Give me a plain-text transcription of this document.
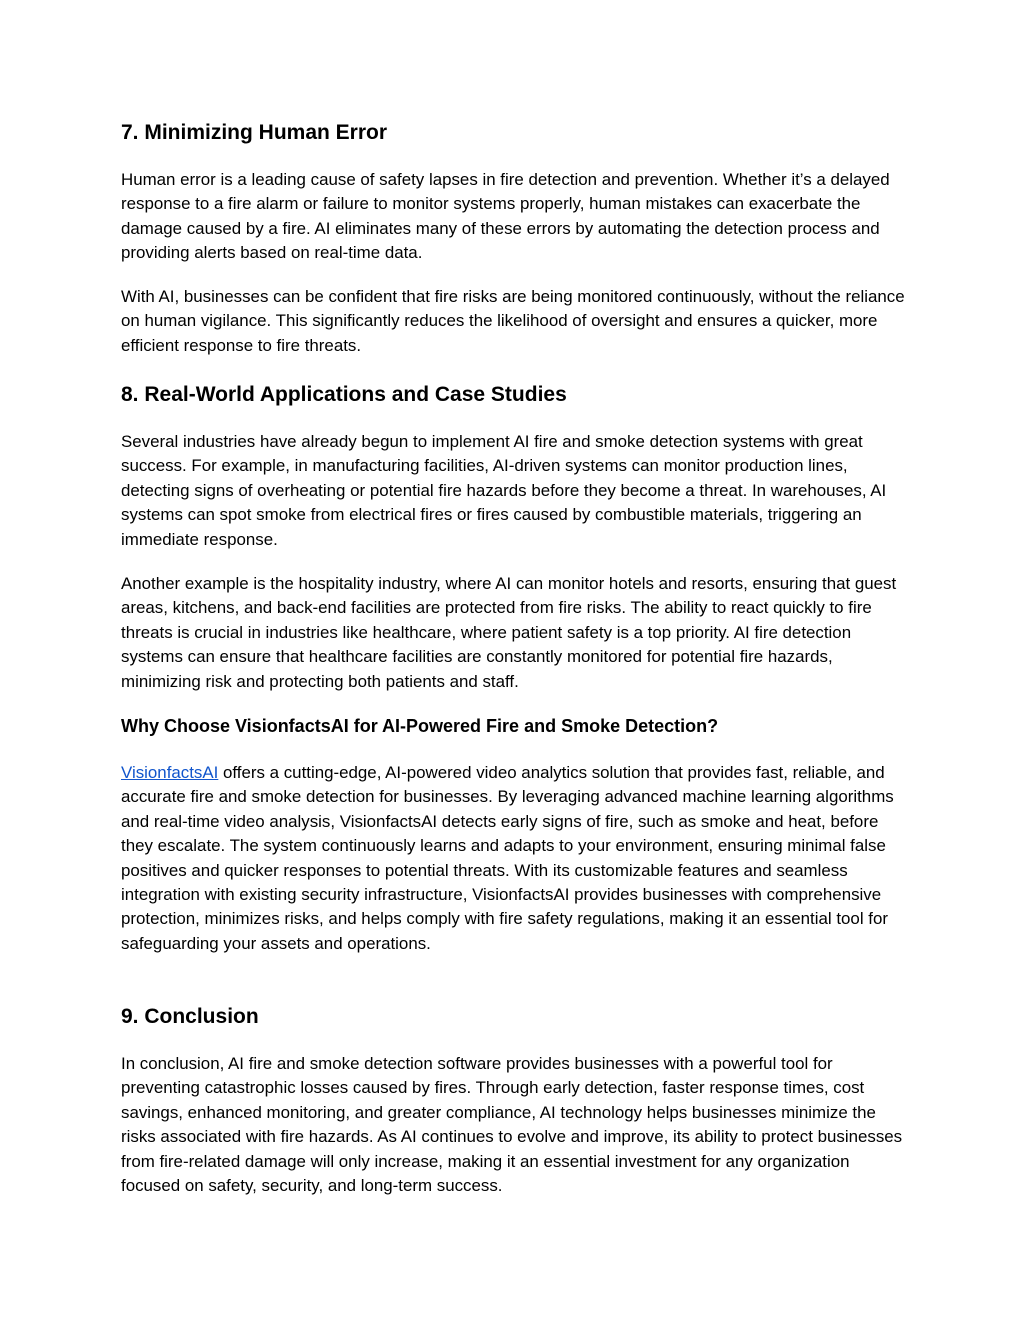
7. Minimizing Human Error

Human error is a leading cause of safety lapses in fire detection and prevention. Whether it’s a delayed response to a fire alarm or failure to monitor systems properly, human mistakes can exacerbate the damage caused by a fire. AI eliminates many of these errors by automating the detection process and providing alerts based on real-time data.

With AI, businesses can be confident that fire risks are being monitored continuously, without the reliance on human vigilance. This significantly reduces the likelihood of oversight and ensures a quicker, more efficient response to fire threats.

8. Real-World Applications and Case Studies

Several industries have already begun to implement AI fire and smoke detection systems with great success. For example, in manufacturing facilities, AI-driven systems can monitor production lines, detecting signs of overheating or potential fire hazards before they become a threat. In warehouses, AI systems can spot smoke from electrical fires or fires caused by combustible materials, triggering an immediate response.

Another example is the hospitality industry, where AI can monitor hotels and resorts, ensuring that guest areas, kitchens, and back-end facilities are protected from fire risks. The ability to react quickly to fire threats is crucial in industries like healthcare, where patient safety is a top priority. AI fire detection systems can ensure that healthcare facilities are constantly monitored for potential fire hazards, minimizing risk and protecting both patients and staff.

Why Choose VisionfactsAI for AI-Powered Fire and Smoke Detection?

VisionfactsAI offers a cutting-edge, AI-powered video analytics solution that provides fast, reliable, and accurate fire and smoke detection for businesses. By leveraging advanced machine learning algorithms and real-time video analysis, VisionfactsAI detects early signs of fire, such as smoke and heat, before they escalate. The system continuously learns and adapts to your environment, ensuring minimal false positives and quicker responses to potential threats. With its customizable features and seamless integration with existing security infrastructure, VisionfactsAI provides businesses with comprehensive protection, minimizes risks, and helps comply with fire safety regulations, making it an essential tool for safeguarding your assets and operations.

9. Conclusion

In conclusion, AI fire and smoke detection software provides businesses with a powerful tool for preventing catastrophic losses caused by fires. Through early detection, faster response times, cost savings, enhanced monitoring, and greater compliance, AI technology helps businesses minimize the risks associated with fire hazards. As AI continues to evolve and improve, its ability to protect businesses from fire-related damage will only increase, making it an essential investment for any organization focused on safety, security, and long-term success.
